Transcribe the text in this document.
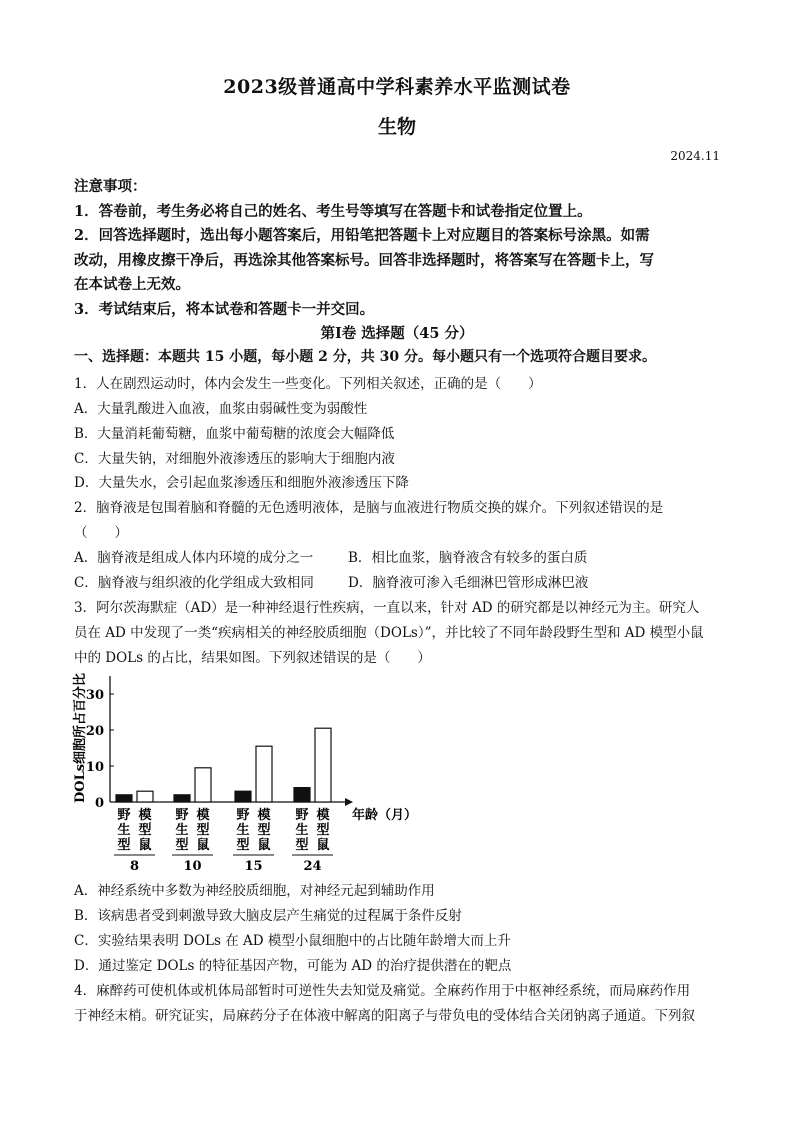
2023级普通高中学科素养水平监测试卷
生物
2024.11
注意事项：
1．答卷前，考生务必将自己的姓名、考生号等填写在答题卡和试卷指定位置上。
2．回答选择题时，选出每小题答案后，用铅笔把答题卡上对应题目的答案标号涂黑。如需
改动，用橡皮擦干净后，再选涂其他答案标号。回答非选择题时，将答案写在答题卡上，写
在本试卷上无效。
3．考试结束后，将本试卷和答题卡一并交回。
第Ⅰ卷 选择题（45 分）
一、选择题：本题共 15 小题，每小题 2 分，共 30 分。每小题只有一个选项符合题目要求。
1．人在剧烈运动时，体内会发生一些变化。下列相关叙述，正确的是（　　）
A．大量乳酸进入血液，血浆由弱碱性变为弱酸性
B．大量消耗葡萄糖，血浆中葡萄糖的浓度会大幅降低
C．大量失钠，对细胞外液渗透压的影响大于细胞内液
D．大量失水，会引起血浆渗透压和细胞外液渗透压下降
2．脑脊液是包围着脑和脊髓的无色透明液体，是脑与血液进行物质交换的媒介。下列叙述错误的是
（　　）
A．脑脊液是组成人体内环境的成分之一	B．相比血浆，脑脊液含有较多的蛋白质
C．脑脊液与组织液的化学组成大致相同	D．脑脊液可渗入毛细淋巴管形成淋巴液
3．阿尔茨海默症（AD）是一种神经退行性疾病，一直以来，针对 AD 的研究都是以神经元为主。研究人
员在 AD 中发现了一类“疾病相关的神经胶质细胞（DOLs）”，并比较了不同年龄段野生型和 AD 模型小鼠
中的 DOLs 的占比，结果如图。下列叙述错误的是（　　）
DOLs细胞所占百分比
0
10
20
30
野
生
型
模
型
鼠
8
野
生
型
模
型
鼠
10
野
生
型
模
型
鼠
15
野
生
型
模
型
鼠
24
年龄（月）
A．神经系统中多数为神经胶质细胞，对神经元起到辅助作用
B．该病患者受到刺激导致大脑皮层产生痛觉的过程属于条件反射
C．实验结果表明 DOLs 在 AD 模型小鼠细胞中的占比随年龄增大而上升
D．通过鉴定 DOLs 的特征基因产物，可能为 AD 的治疗提供潜在的靶点
4．麻醉药可使机体或机体局部暂时可逆性失去知觉及痛觉。全麻药作用于中枢神经系统，而局麻药作用
于神经末梢。研究证实，局麻药分子在体液中解离的阳离子与带负电的受体结合关闭钠离子通道。下列叙
